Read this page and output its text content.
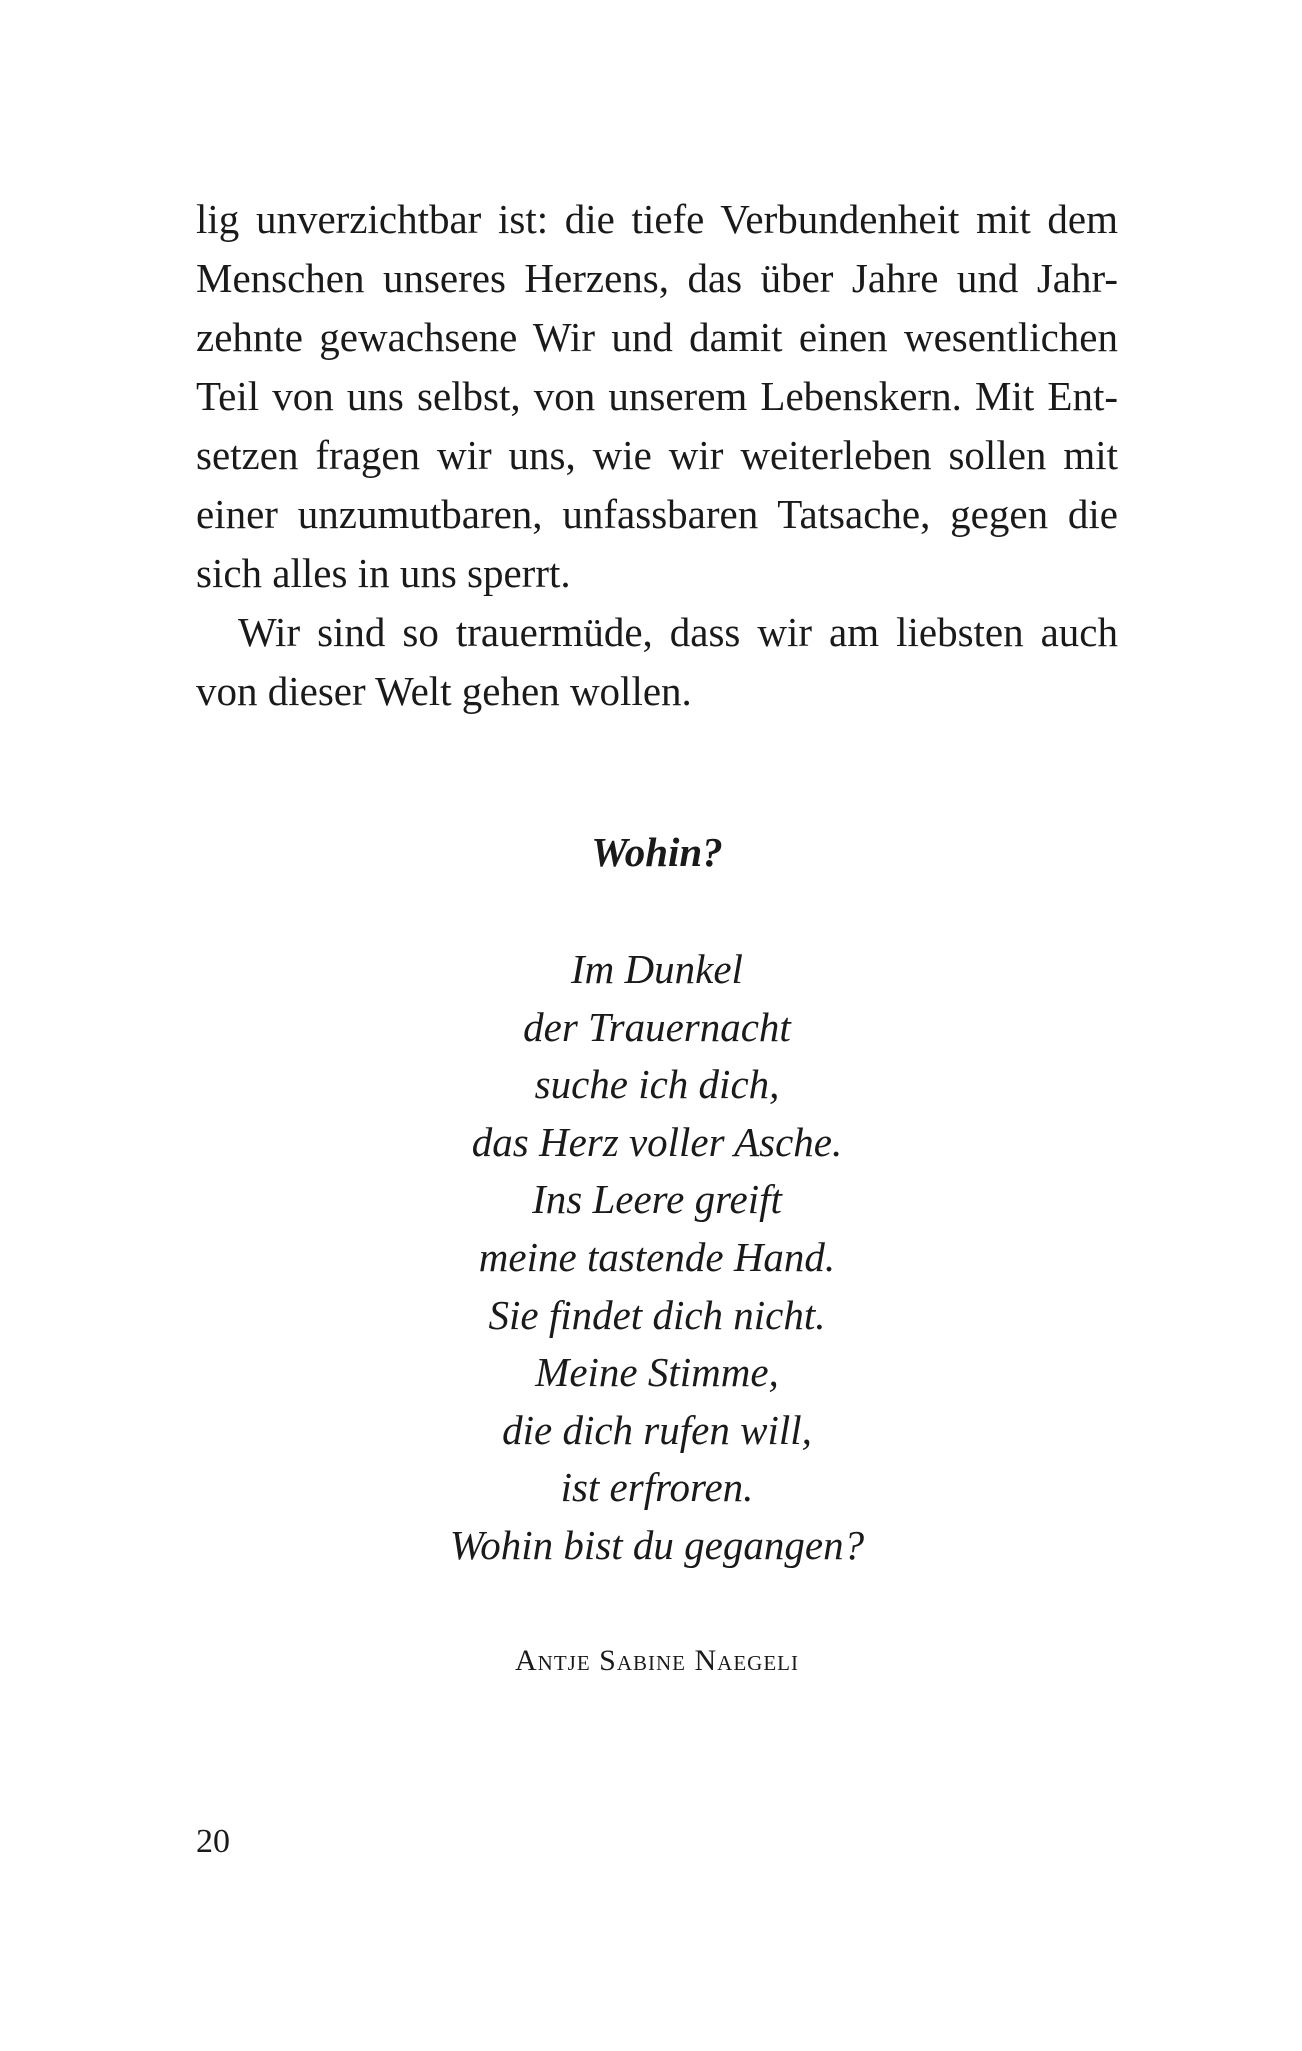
lig unverzichtbar ist: die tiefe Verbundenheit mit dem
Menschen unseres Herzens, das über Jahre und Jahr-
zehnte gewachsene Wir und damit einen wesentlichen
Teil von uns selbst, von unserem Lebenskern. Mit Ent-
setzen fragen wir uns, wie wir weiterleben sollen mit
einer unzumutbaren, unfassbaren Tatsache, gegen die
sich alles in uns sperrt.
Wir sind so trauermüde, dass wir am liebsten auch
von dieser Welt gehen wollen.
Wohin?
Im Dunkel
der Trauernacht
suche ich dich,
das Herz voller Asche.
Ins Leere greift
meine tastende Hand.
Sie findet dich nicht.
Meine Stimme,
die dich rufen will,
ist erfroren.
Wohin bist du gegangen?
Antje Sabine Naegeli
20
